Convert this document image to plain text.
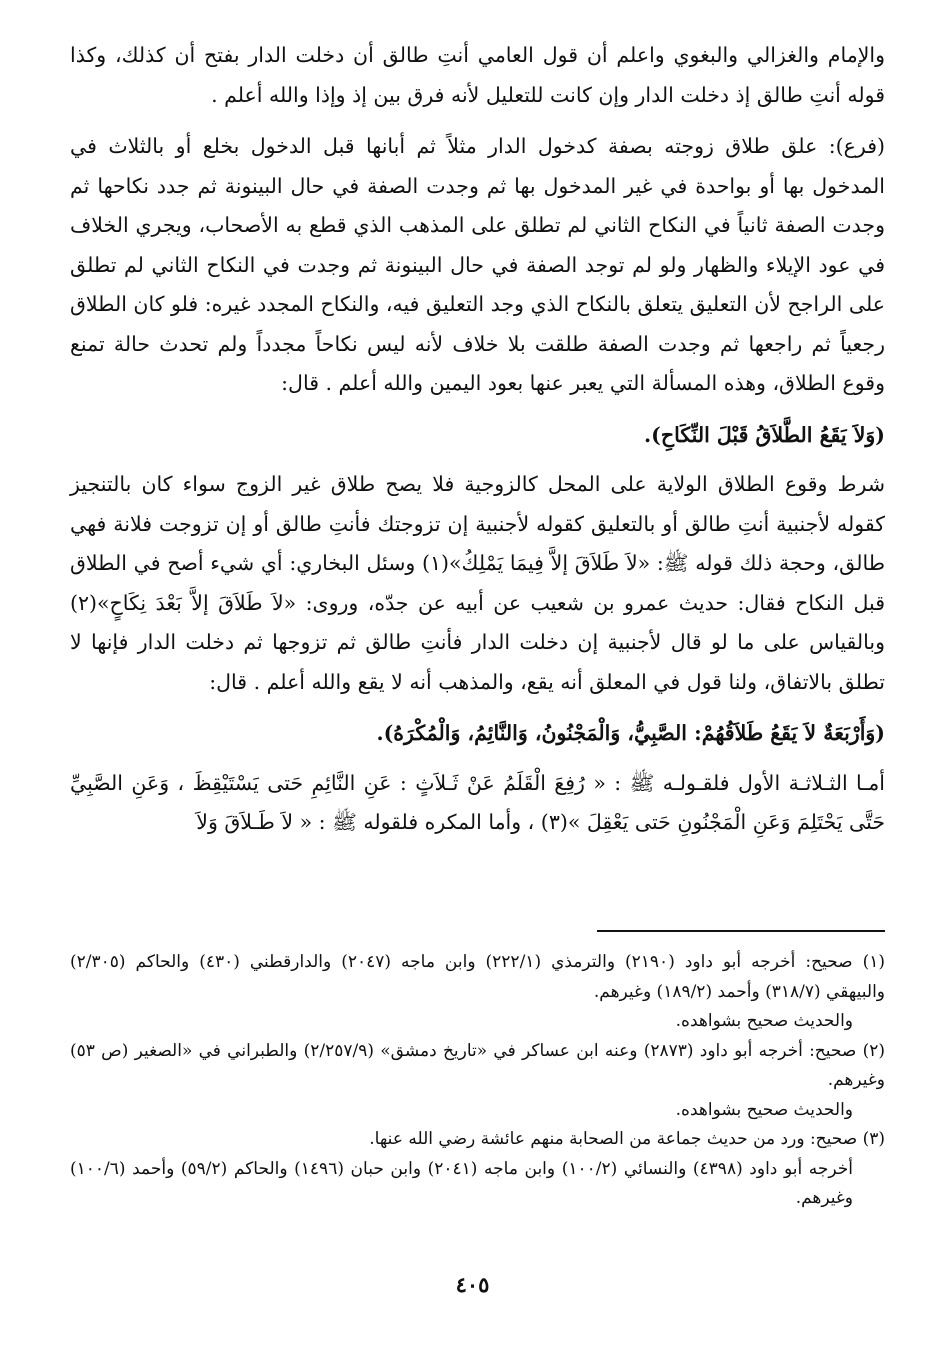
والإمام والغزالي والبغوي واعلم أن قول العامي أنتِ طالق أن دخلت الدار بفتح أن كذلك، وكذا قوله أنتِ طالق إذ دخلت الدار وإن كانت للتعليل لأنه فرق بين إذ وإذا والله أعلم .

(فرع): علق طلاق زوجته بصفة كدخول الدار مثلاً ثم أبانها قبل الدخول بخلع أو بالثلاث في المدخول بها أو بواحدة في غير المدخول بها ثم وجدت الصفة في حال البينونة ثم جدد نكاحها ثم وجدت الصفة ثانياً في النكاح الثاني لم تطلق على المذهب الذي قطع به الأصحاب، ويجري الخلاف في عود الإيلاء والظهار ولو لم توجد الصفة في حال البينونة ثم وجدت في النكاح الثاني لم تطلق على الراجح لأن التعليق يتعلق بالنكاح الذي وجد التعليق فيه، والنكاح المجدد غيره: فلو كان الطلاق رجعياً ثم راجعها ثم وجدت الصفة طلقت بلا خلاف لأنه ليس نكاحاً مجدداً ولم تحدث حالة تمنع وقوع الطلاق، وهذه المسألة التي يعبر عنها بعود اليمين والله أعلم . قال:

(وَلاَ يَقَعُ الطَّلاَقُ قَبْلَ النِّكَاحِ).

شرط وقوع الطلاق الولاية على المحل كالزوجية فلا يصح طلاق غير الزوج سواء كان بالتنجيز كقوله لأجنبية أنتِ طالق أو بالتعليق كقوله لأجنبية إن تزوجتك فأنتِ طالق أو إن تزوجت فلانة فهي طالق، وحجة ذلك قوله ﷺ: «لاَ طَلاَقَ إلاَّ فِيمَا يَمْلِكُ»(١) وسئل البخاري: أي شيء أصح في الطلاق قبل النكاح فقال: حديث عمرو بن شعيب عن أبيه عن جدّه، وروى: «لاَ طَلاَقَ إلاَّ بَعْدَ نِكَاحٍ»(٢) وبالقياس على ما لو قال لأجنبية إن دخلت الدار فأنتِ طالق ثم تزوجها ثم دخلت الدار فإنها لا تطلق بالاتفاق، ولنا قول في المعلق أنه يقع، والمذهب أنه لا يقع والله أعلم . قال:

(وَأَرْبَعَةٌ لاَ يَقَعُ طَلاَقُهُمْ: الصَّبِيُّ، وَالْمَجْنُونُ، وَالنَّائِمُ، وَالْمُكْرَهُ).

أمـا الثـلاثـة الأول فلقـولـه ﷺ : « رُفِعَ الْقَلَمُ عَنْ ثَـلاَثٍ : عَنِ النَّائِمِ حَتى يَسْتَيْقِظَ ، وَعَنِ الصَّبِيِّ حَتَّى يَحْتَلِمَ وَعَنِ الْمَجْنُونِ حَتى يَعْقِلَ »(٣) ، وأما المكره فلقوله ﷺ : « لاَ طَـلاَقَ وَلاَ

(١) صحيح: أخرجه أبو داود (٢١٩٠) والترمذي (٢٢٢/١) وابن ماجه (٢٠٤٧) والدارقطني (٤٣٠) والحاكم (٢/٣٠٥) والبيهقي (٣١٨/٧) وأحمد (١٨٩/٢) وغيرهم.

والحديث صحيح بشواهده.

(٢) صحيح: أخرجه أبو داود (٢٨٧٣) وعنه ابن عساكر في «تاريخ دمشق» (٢/٢٥٧/٩) والطبراني في «الصغير (ص ٥٣) وغيرهم.

والحديث صحيح بشواهده.

(٣) صحيح: ورد من حديث جماعة من الصحابة منهم عائشة رضي الله عنها.

أخرجه أبو داود (٤٣٩٨) والنسائي (١٠٠/٢) وابن ماجه (٢٠٤١) وابن حبان (١٤٩٦) والحاكم (٥٩/٢) وأحمد (١٠٠/٦) وغيرهم.

٤٠٥
